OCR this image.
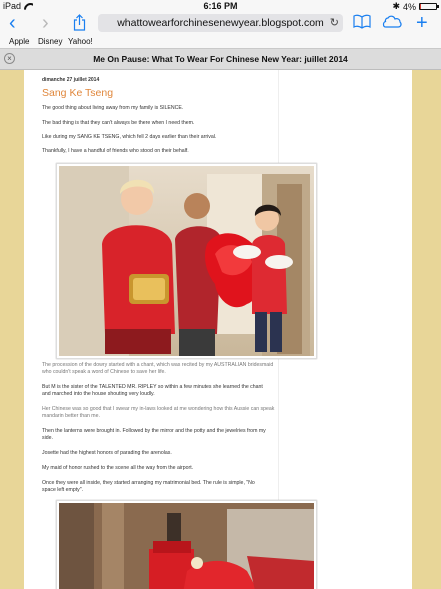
iPad	6:16 PM	✱ 4%
‹ ›	whattowearforchinesenewyear.blogspot.com ↻	+
Apple Disney Yahoo!
×	Me On Pause: What To Wear For Chinese New Year: juillet 2014
dimanche 27 juillet 2014
Sang Ke Tseng
The good thing about living away from my family is SILENCE.
The bad thing is that they can't always be there when I need them.
Like during my SANG KE TSENG, which fell 2 days earlier than their arrival.
Thankfully, I have a handful of friends who stood on their behalf.
The procession of the dowry started with a chant, which was recited by my AUSTRALIAN bridesmaid
who couldn't speak a word of Chinese to save her life.
But M is the sister of the TALENTED MR. RIPLEY so within a few minutes she learned the chant
and marched into the house shouting very loudly.
Her Chinese was so good that I swear my in-laws looked at me wondering how this Aussie can speak
mandarin better than me.
Then the lanterns were brought in. Followed by the mirror and the potty and the jewelries from my
side.
Josette had the highest honors of parading the arenolas.
My maid of honor rushed to the scene all the way from the airport.
Once they were all inside, they started arranging my matrimonial bed. The rule is simple, "No
space left empty".
